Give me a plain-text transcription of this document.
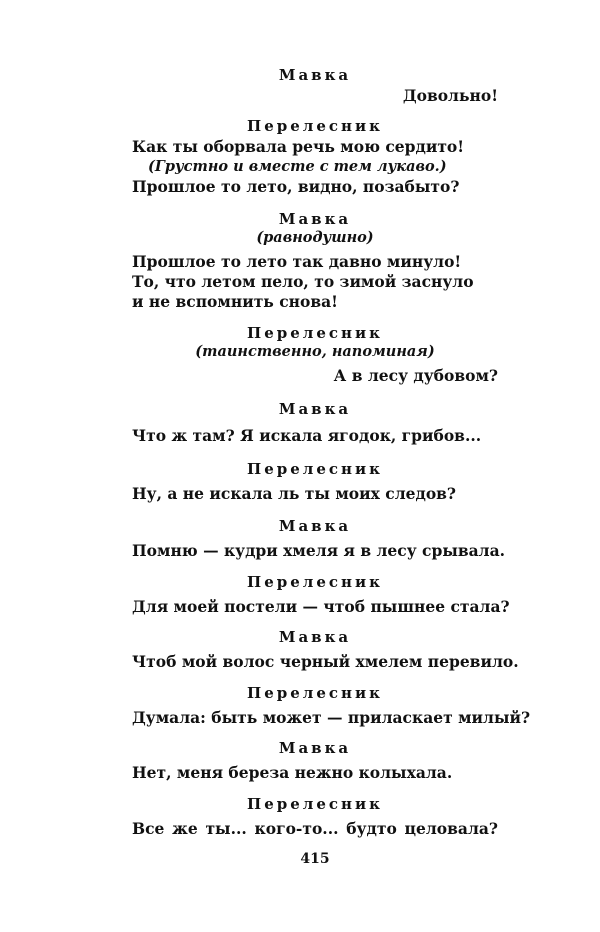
Мавка
Довольно!
Перелесник
Как ты оборвала речь мою сердито!
(Грустно и вместе с тем лукаво.)
Прошлое то лето, видно, позабыто?
Мавка
(равнодушно)
Прошлое то лето так давно минуло!
То, что летом пело, то зимой заснуло
и не вспомнить снова!
Перелесник
(таинственно, напоминая)
А в лесу дубовом?
Мавка
Что ж там? Я искала ягодок, грибов...
Перелесник
Ну, а не искала ль ты моих следов?
Мавка
Помню — кудри хмеля я в лесу срывала.
Перелесник
Для моей постели — чтоб пышнее стала?
Мавка
Чтоб мой волос черный хмелем перевило.
Перелесник
Думала: быть может — приласкает милый?
Мавка
Нет, меня береза нежно колыхала.
Перелесник
Все же ты... кого-то... будто целовала?
415
